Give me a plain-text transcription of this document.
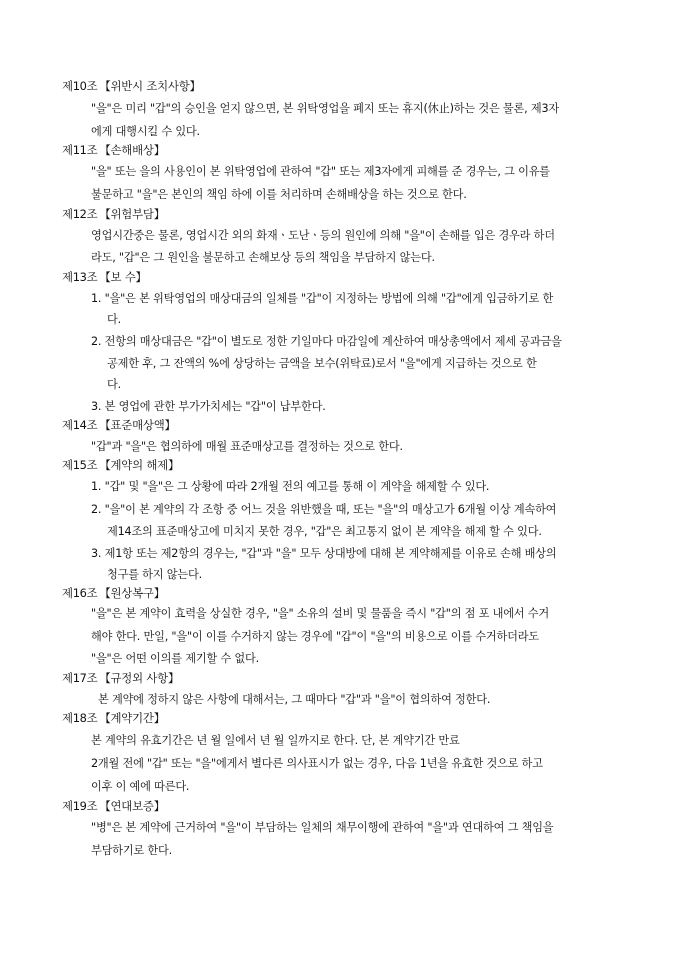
제10조 【위반시 조치사항】
"을"은 미리 "갑"의 승인을 얻지 않으면, 본 위탁영업을 폐지 또는 휴지(休止)하는 것은 물론, 제3자
에게 대행시킬 수 있다.
제11조 【손해배상】
"을" 또는 을의 사용인이 본 위탁영업에 관하여 "갑" 또는 제3자에게 피해를 준 경우는, 그 이유를
불문하고 "을"은 본인의 책임 하에 이를 처리하며 손해배상을 하는 것으로 한다.
제12조 【위험부담】
영업시간중은 물론, 영업시간 외의 화재ㆍ도난ㆍ등의 원인에 의해 "을"이 손해를 입은 경우라 하더
라도, "갑"은 그 원인을 불문하고 손해보상 등의 책임을 부담하지 않는다.
제13조 【보 수】
1. "을"은 본 위탁영업의 매상대금의 일체를 "갑"이 지정하는 방법에 의해 "갑"에게 입금하기로 한
다.
2. 전항의 매상대금은 "갑"이 별도로 정한 기일마다 마감일에 계산하여 매상총액에서 제세 공과금을
공제한 후, 그 잔액의 %에 상당하는 금액을 보수(위탁료)로서 "을"에게 지급하는 것으로 한
다.
3. 본 영업에 관한 부가가치세는 "갑"이 납부한다.
제14조 【표준매상액】
"갑"과 "을"은 협의하에 매월 표준매상고를 결정하는 것으로 한다.
제15조 【계약의 해제】
1. "갑" 및 "을"은 그 상황에 따라 2개월 전의 예고를 통해 이 계약을 해제할 수 있다.
2. "을"이 본 계약의 각 조항 중 어느 것을 위반했을 때, 또는 "을"의 매상고가 6개월 이상 계속하여
제14조의 표준매상고에 미치지 못한 경우, "갑"은 최고통지 없이 본 계약을 해제 할 수 있다.
3. 제1항 또는 제2항의 경우는, "갑"과 "을" 모두 상대방에 대해 본 계약해제를 이유로 손해 배상의
청구를 하지 않는다.
제16조 【원상복구】
"을"은 본 계약이 효력을 상실한 경우, "을" 소유의 설비 및 물품을 즉시 "갑"의 점 포 내에서 수거
해야 한다. 만일, "을"이 이를 수거하지 않는 경우에 "갑"이 "을"의 비용으로 이를 수거하더라도
"을"은 어떤 이의를 제기할 수 없다.
제17조 【규정외 사항】
본 계약에 정하지 않은 사항에 대해서는, 그 때마다 "갑"과 "을"이 협의하여 정한다.
제18조 【계약기간】
본 계약의 유효기간은 년 월 일에서 년 월 일까지로 한다. 단, 본 계약기간 만료
2개월 전에 "갑" 또는 "을"에게서 별다른 의사표시가 없는 경우, 다음 1년을 유효한 것으로 하고
이후 이 예에 따른다.
제19조 【연대보증】
"병"은 본 계약에 근거하여 "을"이 부담하는 일체의 채무이행에 관하여 "을"과 연대하여 그 책임을
부담하기로 한다.
